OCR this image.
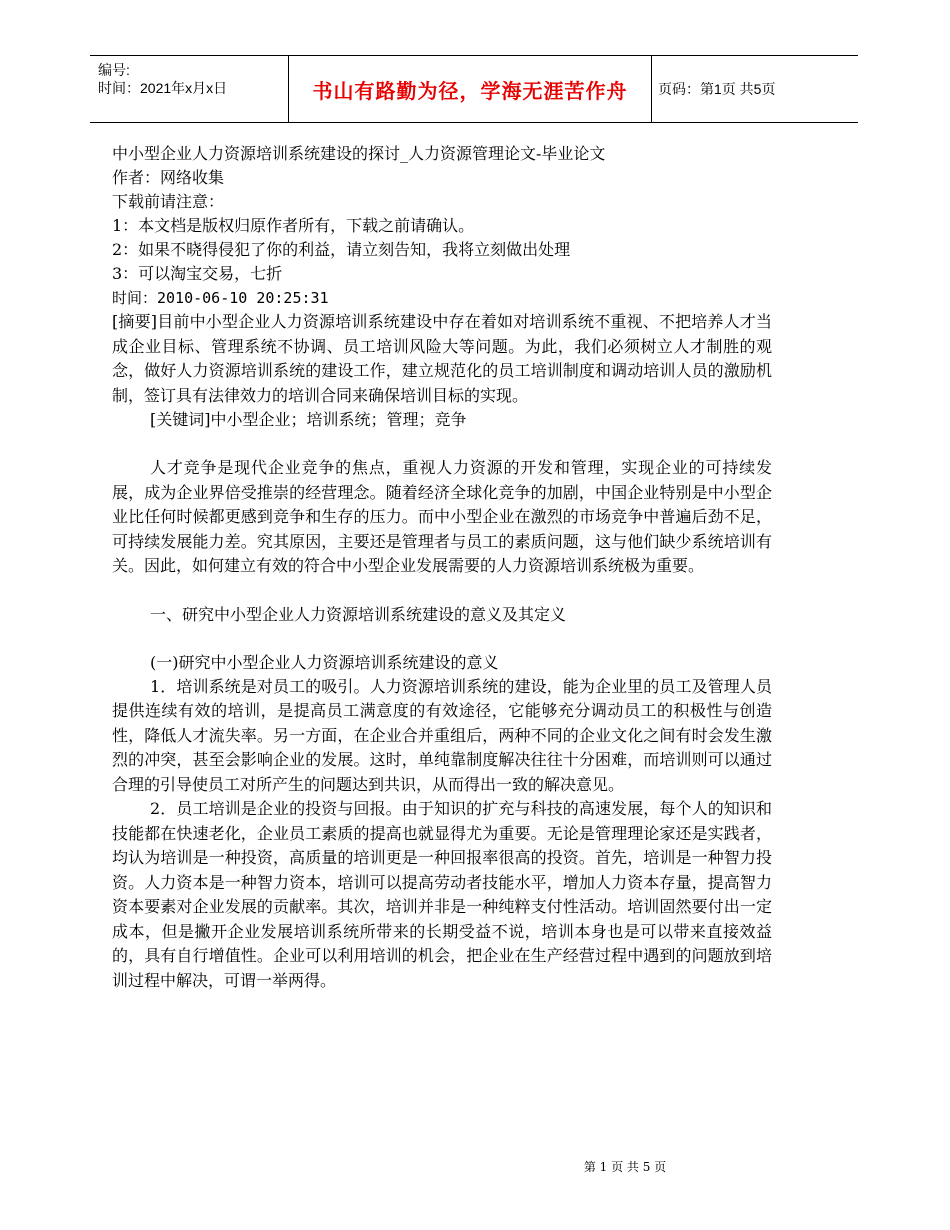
编号:
时间：2021年x月x日	书山有路勤为径，学海无涯苦作舟	页码：第1页 共5页

中小型企业人力资源培训系统建设的探讨_人力资源管理论文-毕业论文

作者：网络收集

下载前请注意：

1：本文档是版权归原作者所有，下载之前请确认。

2：如果不晓得侵犯了你的利益，请立刻告知，我将立刻做出处理

3：可以淘宝交易，七折

时间：2010-06-10 20:25:31

[摘要]目前中小型企业人力资源培训系统建设中存在着如对培训系统不重视、不把培养人才当成企业目标、管理系统不协调、员工培训风险大等问题。为此，我们必须树立人才制胜的观念，做好人力资源培训系统的建设工作，建立规范化的员工培训制度和调动培训人员的激励机制，签订具有法律效力的培训合同来确保培训目标的实现。

[关键词]中小型企业；培训系统；管理；竞争

人才竞争是现代企业竞争的焦点，重视人力资源的开发和管理，实现企业的可持续发展，成为企业界倍受推崇的经营理念。随着经济全球化竞争的加剧，中国企业特别是中小型企业比任何时候都更感到竞争和生存的压力。而中小型企业在激烈的市场竞争中普遍后劲不足，可持续发展能力差。究其原因，主要还是管理者与员工的素质问题，这与他们缺少系统培训有关。因此，如何建立有效的符合中小型企业发展需要的人力资源培训系统极为重要。

一、研究中小型企业人力资源培训系统建设的意义及其定义

(一)研究中小型企业人力资源培训系统建设的意义

1．培训系统是对员工的吸引。人力资源培训系统的建设，能为企业里的员工及管理人员提供连续有效的培训，是提高员工满意度的有效途径，它能够充分调动员工的积极性与创造性，降低人才流失率。另一方面，在企业合并重组后，两种不同的企业文化之间有时会发生激烈的冲突，甚至会影响企业的发展。这时，单纯靠制度解决往往十分困难，而培训则可以通过合理的引导使员工对所产生的问题达到共识，从而得出一致的解决意见。

2．员工培训是企业的投资与回报。由于知识的扩充与科技的高速发展，每个人的知识和技能都在快速老化，企业员工素质的提高也就显得尤为重要。无论是管理理论家还是实践者，均认为培训是一种投资，高质量的培训更是一种回报率很高的投资。首先，培训是一种智力投资。人力资本是一种智力资本，培训可以提高劳动者技能水平，增加人力资本存量，提高智力资本要素对企业发展的贡献率。其次，培训并非是一种纯粹支付性活动。培训固然要付出一定成本，但是撇开企业发展培训系统所带来的长期受益不说，培训本身也是可以带来直接效益的，具有自行增值性。企业可以利用培训的机会，把企业在生产经营过程中遇到的问题放到培训过程中解决，可谓一举两得。

第 1 页 共 5 页
